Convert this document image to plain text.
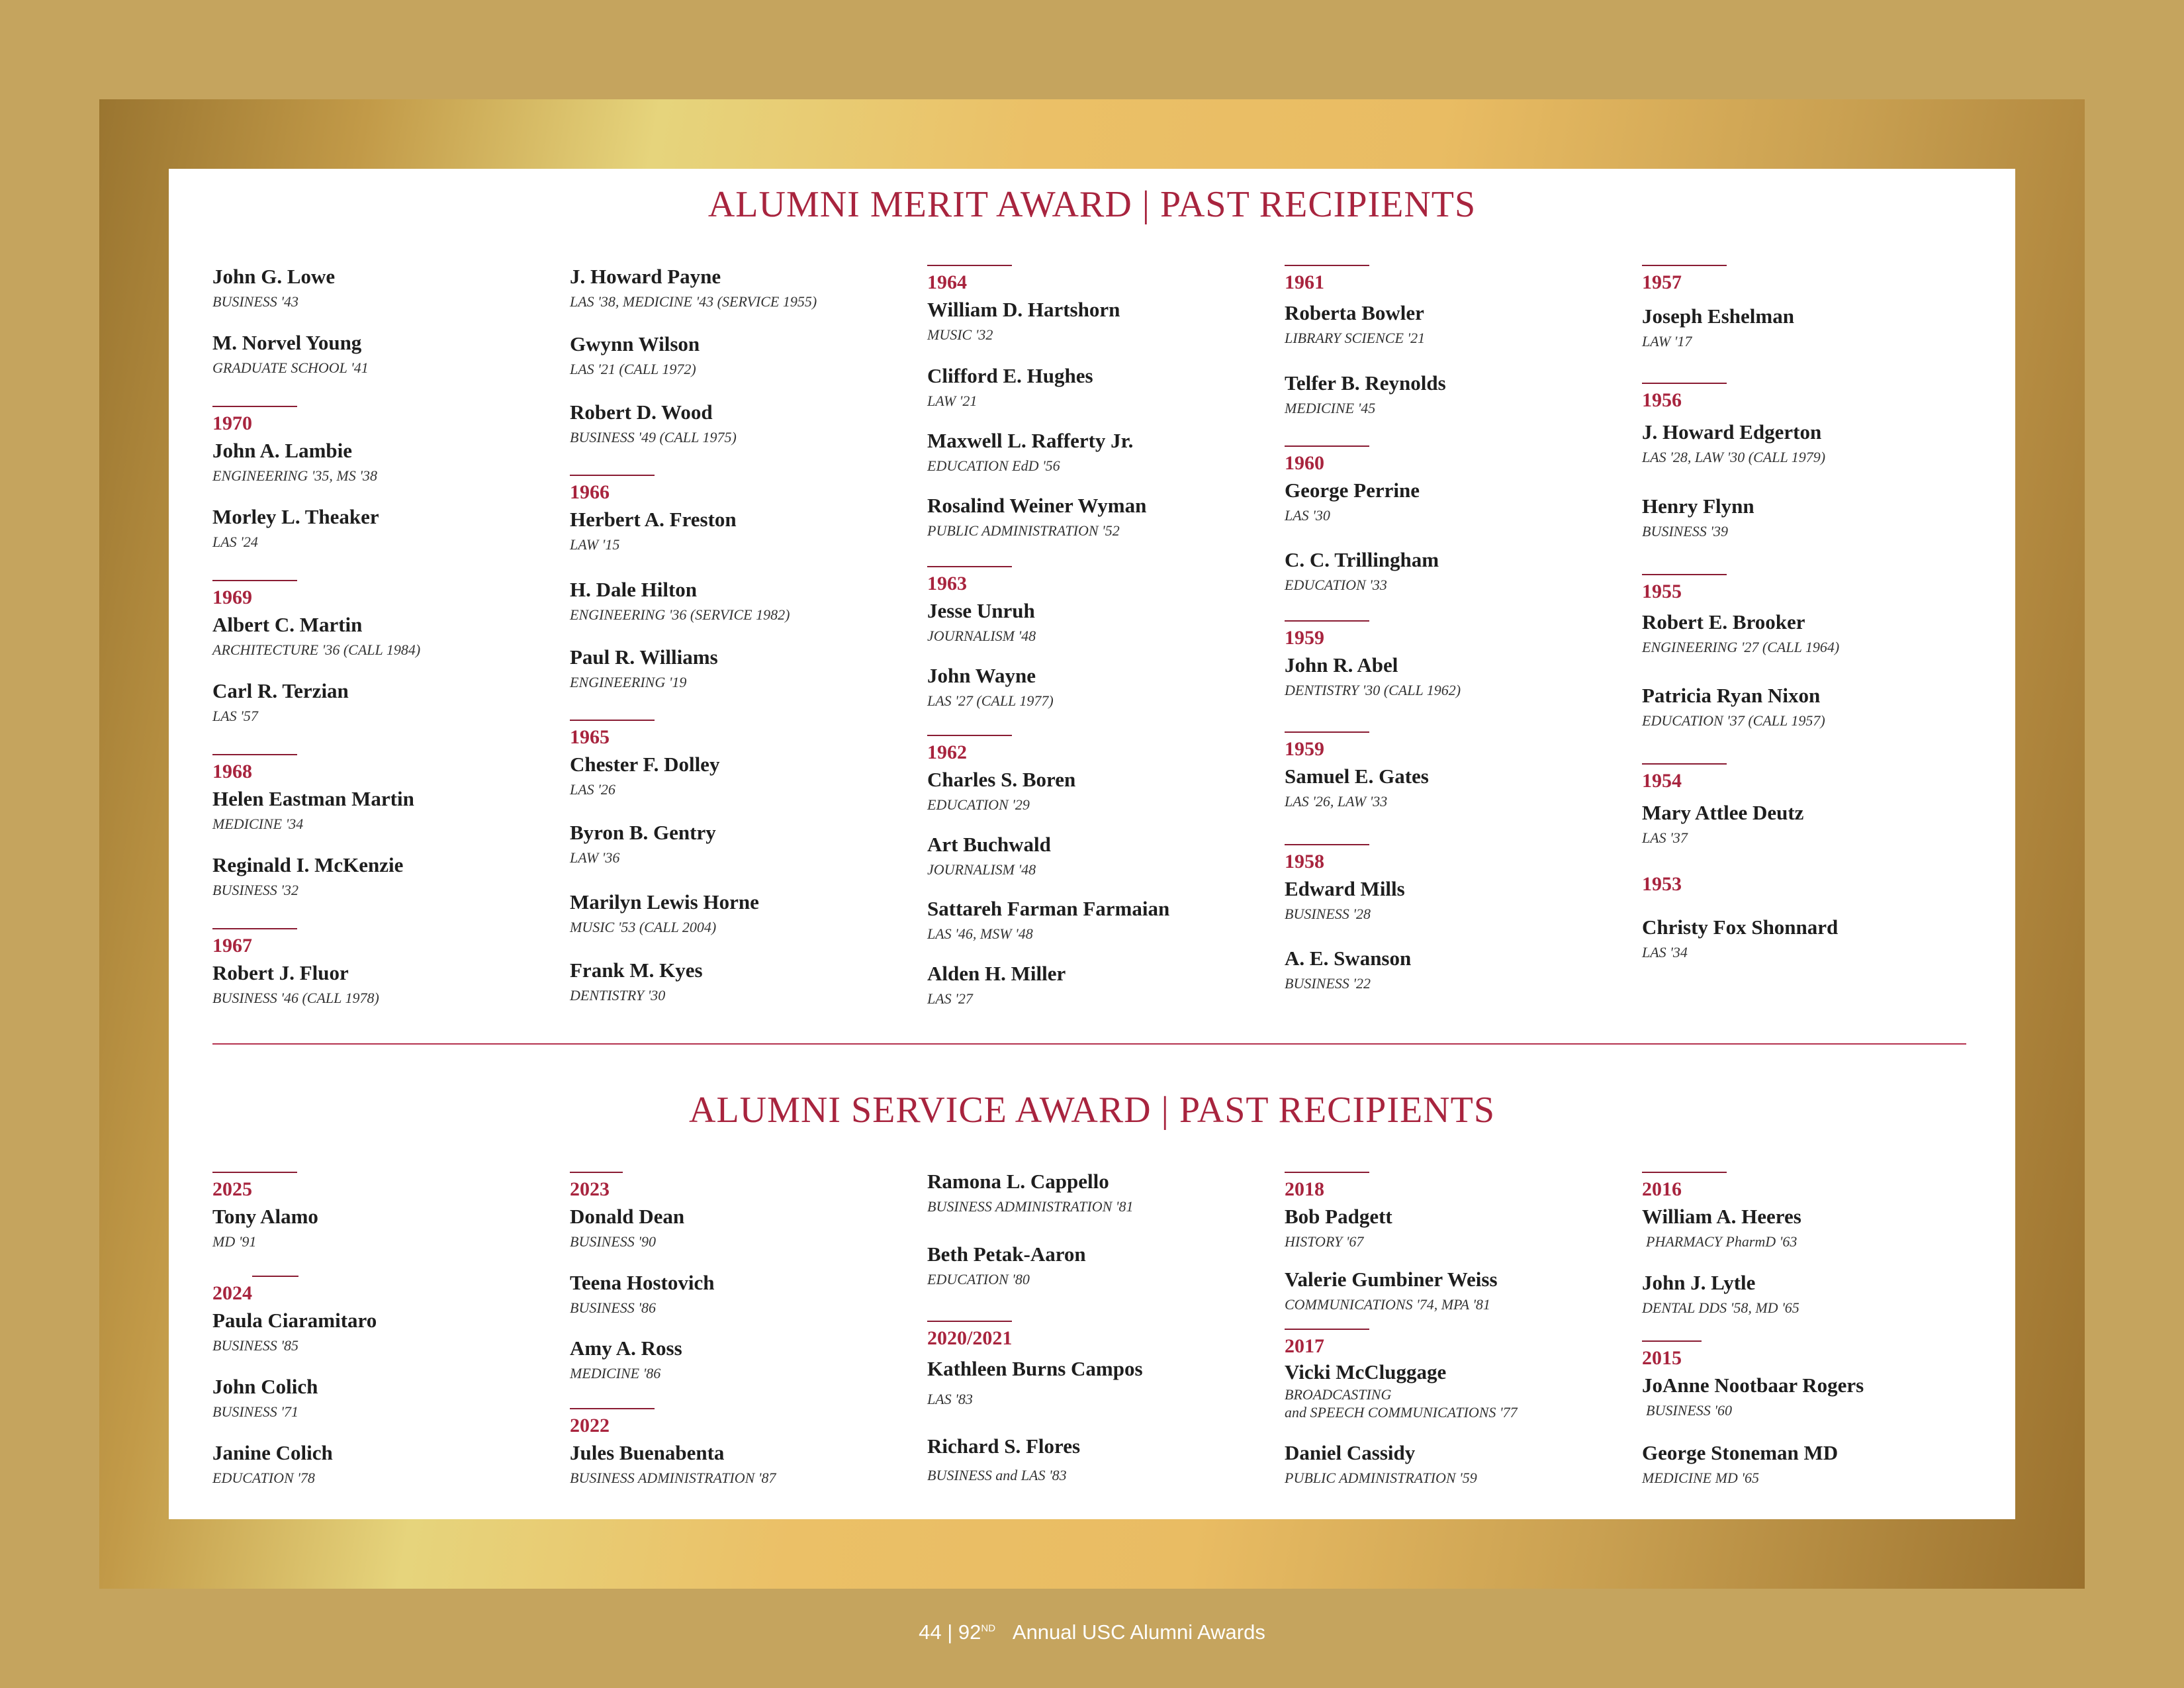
ALUMNI MERIT AWARD | PAST RECIPIENTS
John G. Lowe
BUSINESS '43
M. Norvel Young
GRADUATE SCHOOL '41
1970
John A. Lambie
ENGINEERING '35, MS '38
Morley L. Theaker
LAS '24
1969
Albert C. Martin
ARCHITECTURE '36 (CALL 1984)
Carl R. Terzian
LAS '57
1968
Helen Eastman Martin
MEDICINE '34
Reginald I. McKenzie
BUSINESS '32
1967
Robert J. Fluor
BUSINESS '46 (CALL 1978)
J. Howard Payne
LAS '38, MEDICINE '43 (SERVICE 1955)
Gwynn Wilson
LAS '21 (CALL 1972)
Robert D. Wood
BUSINESS '49 (CALL 1975)
1966
Herbert A. Freston
LAW '15
H. Dale Hilton
ENGINEERING '36 (SERVICE 1982)
Paul R. Williams
ENGINEERING '19
1965
Chester F. Dolley
LAS '26
Byron B. Gentry
LAW '36
Marilyn Lewis Horne
MUSIC '53 (CALL 2004)
Frank M. Kyes
DENTISTRY '30
1964
William D. Hartshorn
MUSIC '32
Clifford E. Hughes
LAW '21
Maxwell L. Rafferty Jr.
EDUCATION EdD '56
Rosalind Weiner Wyman
PUBLIC ADMINISTRATION '52
1963
Jesse Unruh
JOURNALISM '48
John Wayne
LAS '27 (CALL 1977)
1962
Charles S. Boren
EDUCATION '29
Art Buchwald
JOURNALISM '48
Sattareh Farman Farmaian
LAS '46, MSW '48
Alden H. Miller
LAS '27
1961
Roberta Bowler
LIBRARY SCIENCE '21
Telfer B. Reynolds
MEDICINE '45
1960
George Perrine
LAS '30
C. C. Trillingham
EDUCATION '33
1959
John R. Abel
DENTISTRY '30 (CALL 1962)
1959
Samuel E. Gates
LAS '26, LAW '33
1958
Edward Mills
BUSINESS '28
A. E. Swanson
BUSINESS '22
1957
Joseph Eshelman
LAW '17
1956
J. Howard Edgerton
LAS '28, LAW '30 (CALL 1979)
Henry Flynn
BUSINESS '39
1955
Robert E. Brooker
ENGINEERING '27 (CALL 1964)
Patricia Ryan Nixon
EDUCATION '37 (CALL 1957)
1954
Mary Attlee Deutz
LAS '37
1953
Christy Fox Shonnard
LAS '34
ALUMNI SERVICE AWARD | PAST RECIPIENTS
2025
Tony Alamo
MD '91
2024
Paula Ciaramitaro
BUSINESS '85
John Colich
BUSINESS '71
Janine Colich
EDUCATION '78
2023
Donald Dean
BUSINESS '90
Teena Hostovich
BUSINESS '86
Amy A. Ross
MEDICINE '86
2022
Jules Buenabenta
BUSINESS ADMINISTRATION '87
Ramona L. Cappello
BUSINESS ADMINISTRATION '81
Beth Petak-Aaron
EDUCATION '80
2020/2021
Kathleen Burns Campos
LAS '83
Richard S. Flores
BUSINESS and LAS '83
2018
Bob Padgett
HISTORY '67
Valerie Gumbiner Weiss
COMMUNICATIONS '74, MPA '81
2017
Vicki McCluggage
BROADCASTING
and SPEECH COMMUNICATIONS '77
Daniel Cassidy
PUBLIC ADMINISTRATION '59
2016
William A. Heeres
PHARMACY PharmD '63
John J. Lytle
DENTAL DDS '58, MD '65
2015
JoAnne Nootbaar Rogers
BUSINESS '60
George Stoneman MD
MEDICINE MD '65
44 | 92ND Annual USC Alumni Awards
